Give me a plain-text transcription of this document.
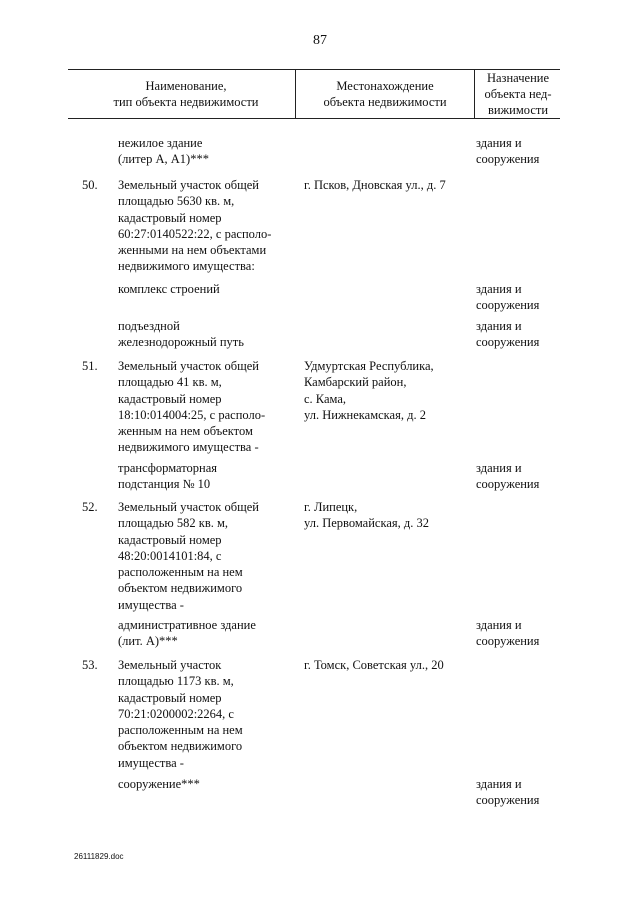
87
Наименование,
тип объекта недвижимости
Местонахождение
объекта недвижимости
Назначение
объекта нед-
вижимости
нежилое здание
(литер А, А1)***
здания и
сооружения
50. Земельный участок общей
площадью 5630 кв. м,
кадастровый номер
60:27:0140522:22, с располо-
женными на нем объектами
недвижимого имущества:
г. Псков, Дновская ул., д. 7
комплекс строений	здания и
сооружения
подъездной
железнодорожный путь
здания и
сооружения
51. Земельный участок общей
площадью 41 кв. м,
кадастровый номер
18:10:014004:25, с располо-
женным на нем объектом
недвижимого имущества -
Удмуртская Республика,
Камбарский район,
с. Кама,
ул. Нижнекамская, д. 2
трансформаторная
подстанция № 10
здания и
сооружения
52. Земельный участок общей
площадью 582 кв. м,
кадастровый номер
48:20:0014101:84, с
расположенным на нем
объектом недвижимого
имущества -
г. Липецк,
ул. Первомайская, д. 32
административное здание
(лит. А)***
здания и
сооружения
53. Земельный участок
площадью 1173 кв. м,
кадастровый номер
70:21:0200002:2264, с
расположенным на нем
объектом недвижимого
имущества -
г. Томск, Советская ул., 20
сооружение***	здания и
сооружения
26111829.doc
